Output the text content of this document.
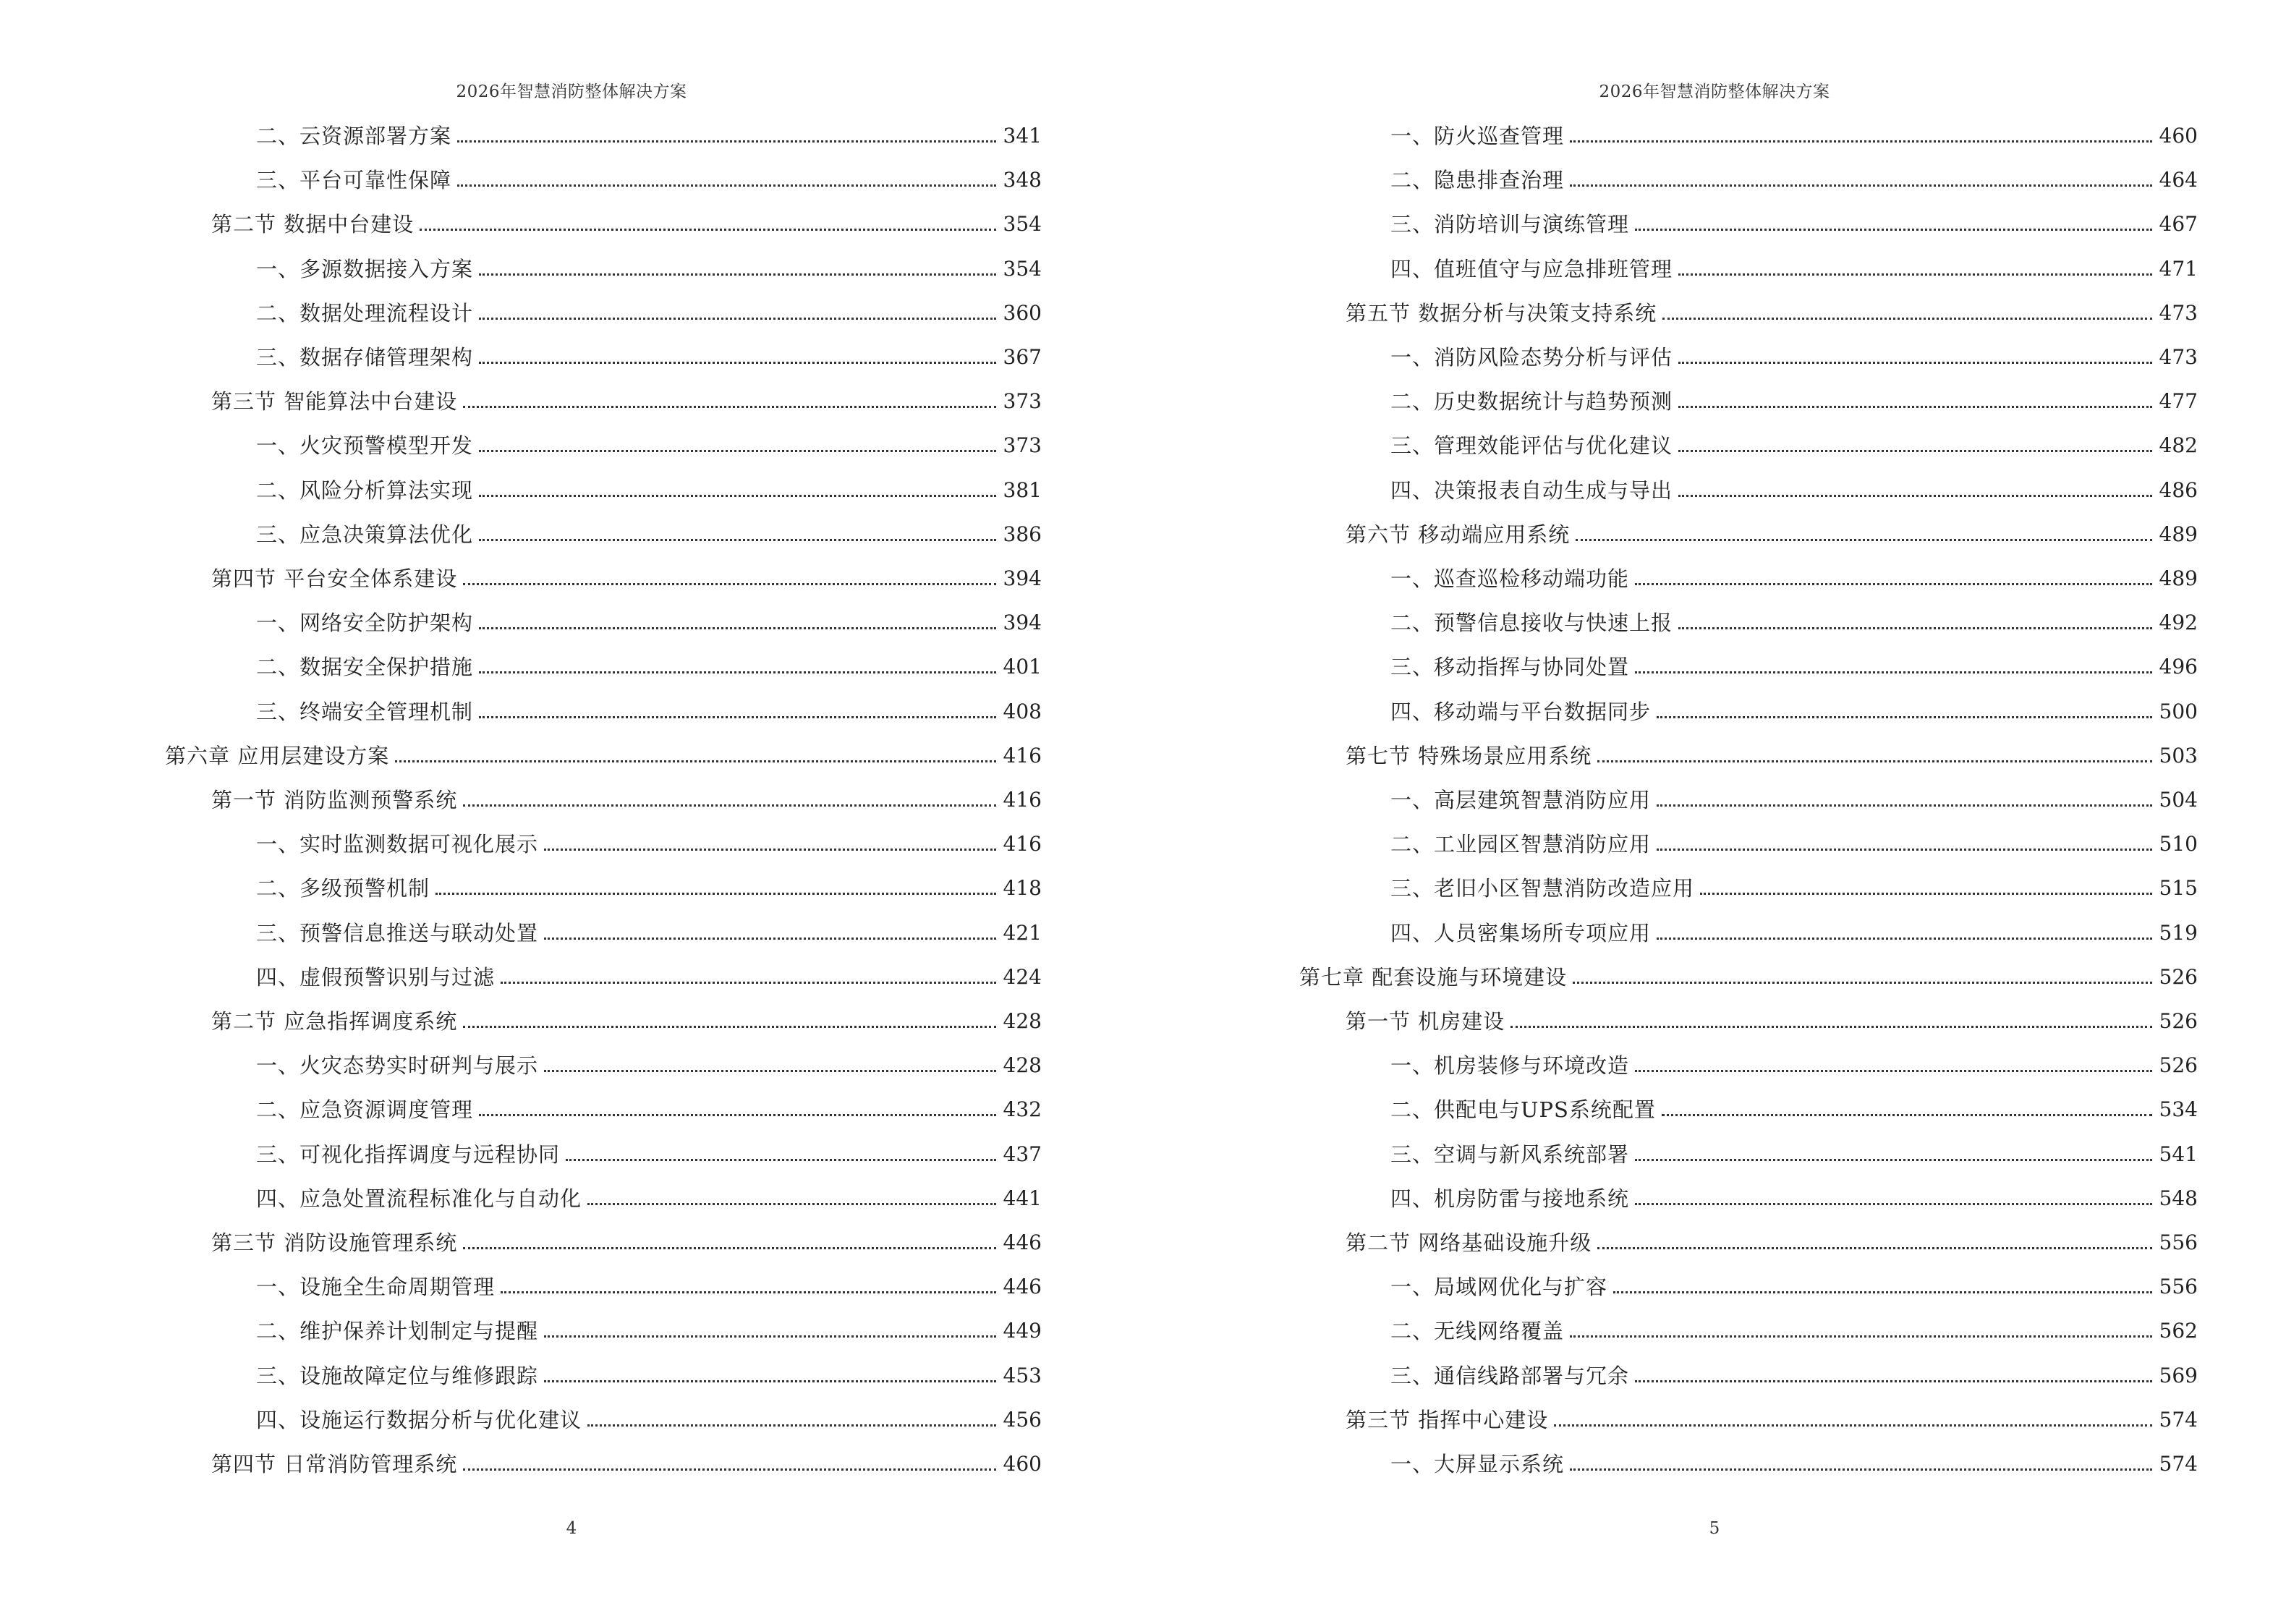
2026年智慧消防整体解决方案
二、云资源部署方案	341
三、平台可靠性保障	348
第二节 数据中台建设	354
一、多源数据接入方案	354
二、数据处理流程设计	360
三、数据存储管理架构	367
第三节 智能算法中台建设	373
一、火灾预警模型开发	373
二、风险分析算法实现	381
三、应急决策算法优化	386
第四节 平台安全体系建设	394
一、网络安全防护架构	394
二、数据安全保护措施	401
三、终端安全管理机制	408
第六章 应用层建设方案	416
第一节 消防监测预警系统	416
一、实时监测数据可视化展示	416
二、多级预警机制	418
三、预警信息推送与联动处置	421
四、虚假预警识别与过滤	424
第二节 应急指挥调度系统	428
一、火灾态势实时研判与展示	428
二、应急资源调度管理	432
三、可视化指挥调度与远程协同	437
四、应急处置流程标准化与自动化	441
第三节 消防设施管理系统	446
一、设施全生命周期管理	446
二、维护保养计划制定与提醒	449
三、设施故障定位与维修跟踪	453
四、设施运行数据分析与优化建议	456
第四节 日常消防管理系统	460
4
2026年智慧消防整体解决方案
一、防火巡查管理	460
二、隐患排查治理	464
三、消防培训与演练管理	467
四、值班值守与应急排班管理	471
第五节 数据分析与决策支持系统	473
一、消防风险态势分析与评估	473
二、历史数据统计与趋势预测	477
三、管理效能评估与优化建议	482
四、决策报表自动生成与导出	486
第六节 移动端应用系统	489
一、巡查巡检移动端功能	489
二、预警信息接收与快速上报	492
三、移动指挥与协同处置	496
四、移动端与平台数据同步	500
第七节 特殊场景应用系统	503
一、高层建筑智慧消防应用	504
二、工业园区智慧消防应用	510
三、老旧小区智慧消防改造应用	515
四、人员密集场所专项应用	519
第七章 配套设施与环境建设	526
第一节 机房建设	526
一、机房装修与环境改造	526
二、供配电与UPS系统配置	534
三、空调与新风系统部署	541
四、机房防雷与接地系统	548
第二节 网络基础设施升级	556
一、局域网优化与扩容	556
二、无线网络覆盖	562
三、通信线路部署与冗余	569
第三节 指挥中心建设	574
一、大屏显示系统	574
5
